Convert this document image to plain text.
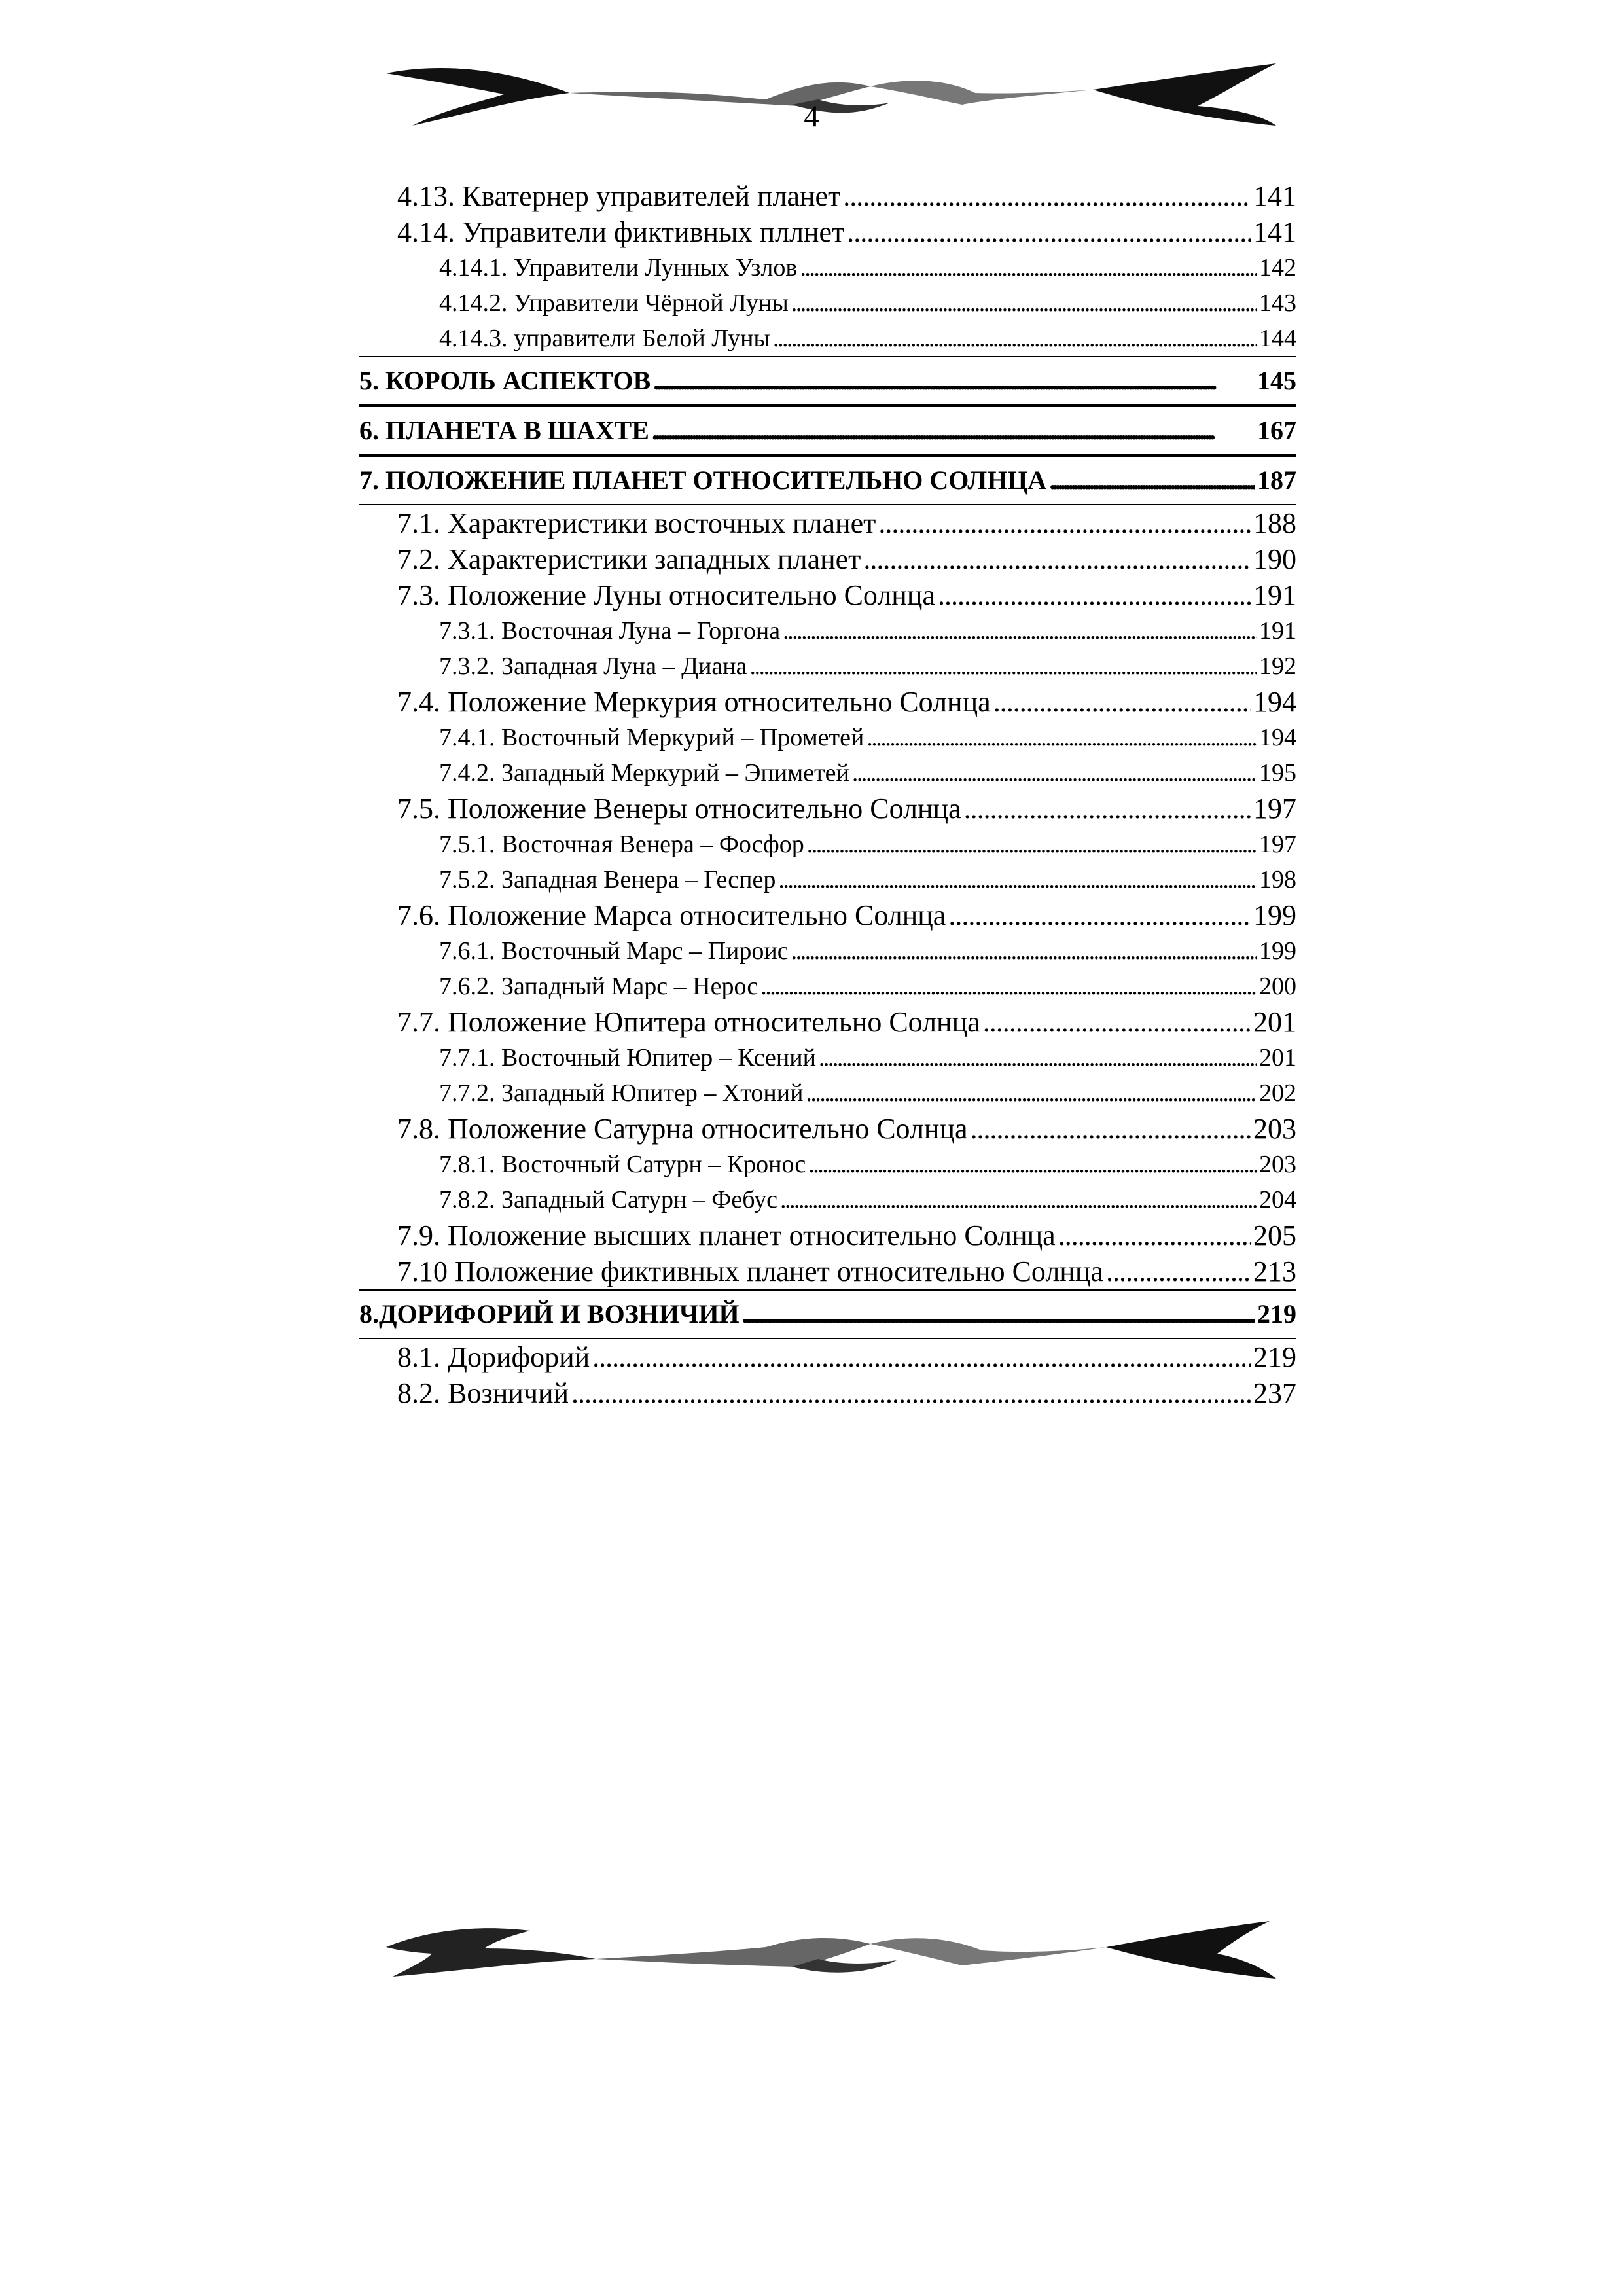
4
4.13. Кватернер управителей планет . . .	141
4.14. Управители фиктивных пллнет . . .	141
4.14.1. Управители Лунных Узлов . . .	142
4.14.2. Управители Чёрной Луны . . .	143
4.14.3. управители Белой Луны . . .	144
5. КОРОЛЬ АСПЕКТОВ . . .	145
6. ПЛАНЕТА В ШАХТЕ . . .	167
7. ПОЛОЖЕНИЕ ПЛАНЕТ ОТНОСИТЕЛЬНО СОЛНЦА . . .	187
7.1. Характеристики восточных планет . . .	188
7.2. Характеристики западных планет . . .	190
7.3. Положение Луны относительно Солнца . . .	191
7.3.1. Восточная Луна – Горгона . . .	191
7.3.2. Западная Луна – Диана . . .	192
7.4. Положение Меркурия относительно Солнца . . .	194
7.4.1. Восточный Меркурий – Прометей . . .	194
7.4.2. Западный Меркурий – Эпиметей . . .	195
7.5. Положение Венеры относительно Солнца . . .	197
7.5.1. Восточная Венера – Фосфор . . .	197
7.5.2. Западная Венера – Геспер . . .	198
7.6. Положение Марса относительно Солнца . . .	199
7.6.1. Восточный Марс – Пироис . . .	199
7.6.2. Западный Марс – Нерос . . .	200
7.7. Положение Юпитера относительно Солнца . . .	201
7.7.1. Восточный Юпитер – Ксений . . .	201
7.7.2. Западный Юпитер – Хтоний . . .	202
7.8. Положение Сатурна относительно Солнца . . .	203
7.8.1. Восточный Сатурн – Кронос . . .	203
7.8.2. Западный Сатурн – Фебус . . .	204
7.9. Положение высших планет относительно Солнца . . .	205
7.10 Положение фиктивных планет относительно Солнца . . .	213
8.ДОРИФОРИЙ И ВОЗНИЧИЙ . . .	219
8.1. Дорифорий . . .	219
8.2. Возничий . . .	237
